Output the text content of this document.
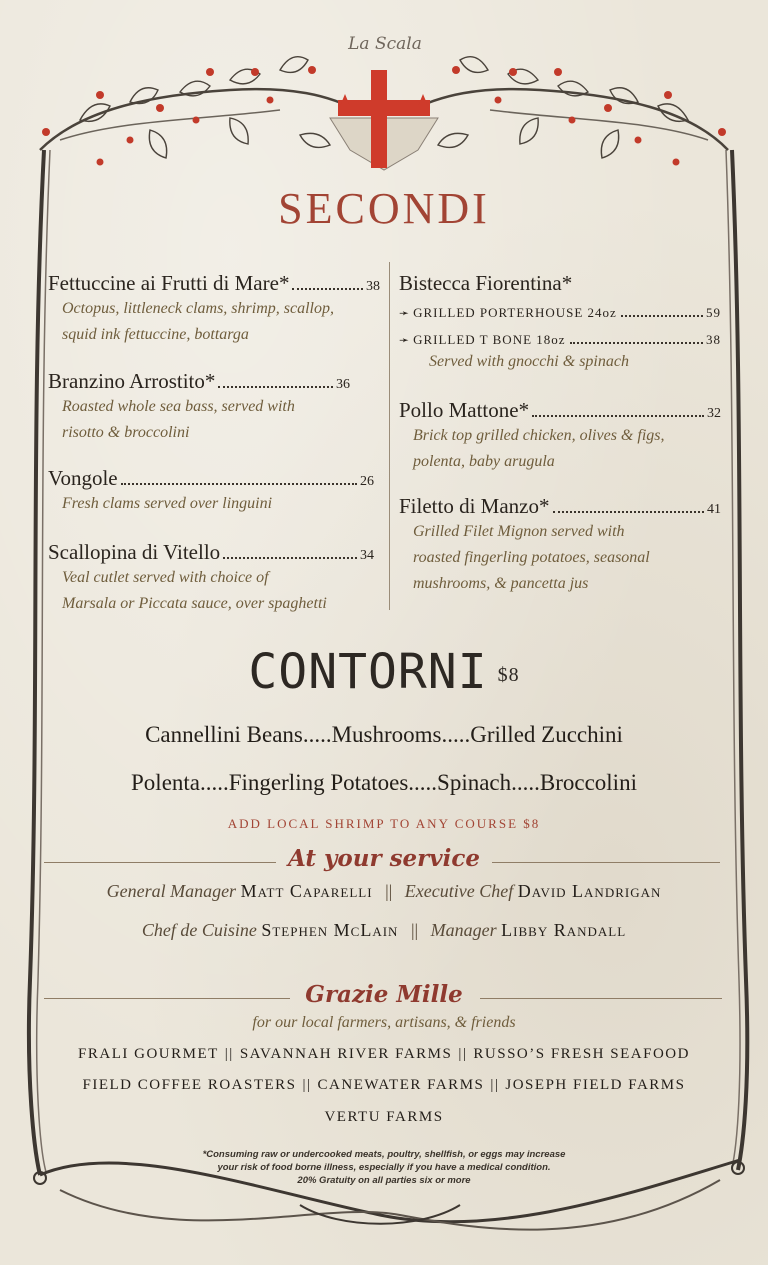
La Scala
SECONDI
Fettuccine ai Frutti di Mare*	38
Octopus, littleneck clams, shrimp, scallop,
squid ink fettuccine, bottarga
Branzino Arrostito*	36
Roasted whole sea bass, served with
risotto & broccolini
Vongole	26
Fresh clams served over linguini
Scallopina di Vitello	34
Veal cutlet served with choice of
Marsala or Piccata sauce, over spaghetti
Bistecca Fiorentina*
➛ GRILLED PORTERHOUSE 24oz	59
➛ GRILLED T BONE 18oz	38
Served with gnocchi & spinach
Pollo Mattone*	32
Brick top grilled chicken, olives & figs,
polenta, baby arugula
Filetto di Manzo*	41
Grilled Filet Mignon served with
roasted fingerling potatoes, seasonal
mushrooms, & pancetta jus
CONTORNI $8
Cannellini Beans.....Mushrooms.....Grilled Zucchini
Polenta.....Fingerling Potatoes.....Spinach.....Broccolini
ADD LOCAL SHRIMP TO ANY COURSE $8
At your service
General Manager Matt Caparelli || Executive Chef David Landrigan
Chef de Cuisine Stephen McLain || Manager Libby Randall
Grazie Mille
for our local farmers, artisans, & friends
FRALI GOURMET || SAVANNAH RIVER FARMS || RUSSO’S FRESH SEAFOOD
FIELD COFFEE ROASTERS || CANEWATER FARMS || JOSEPH FIELD FARMS
VERTU FARMS
*Consuming raw or undercooked meats, poultry, shellfish, or eggs may increase
your risk of food borne illness, especially if you have a medical condition.
20% Gratuity on all parties six or more
